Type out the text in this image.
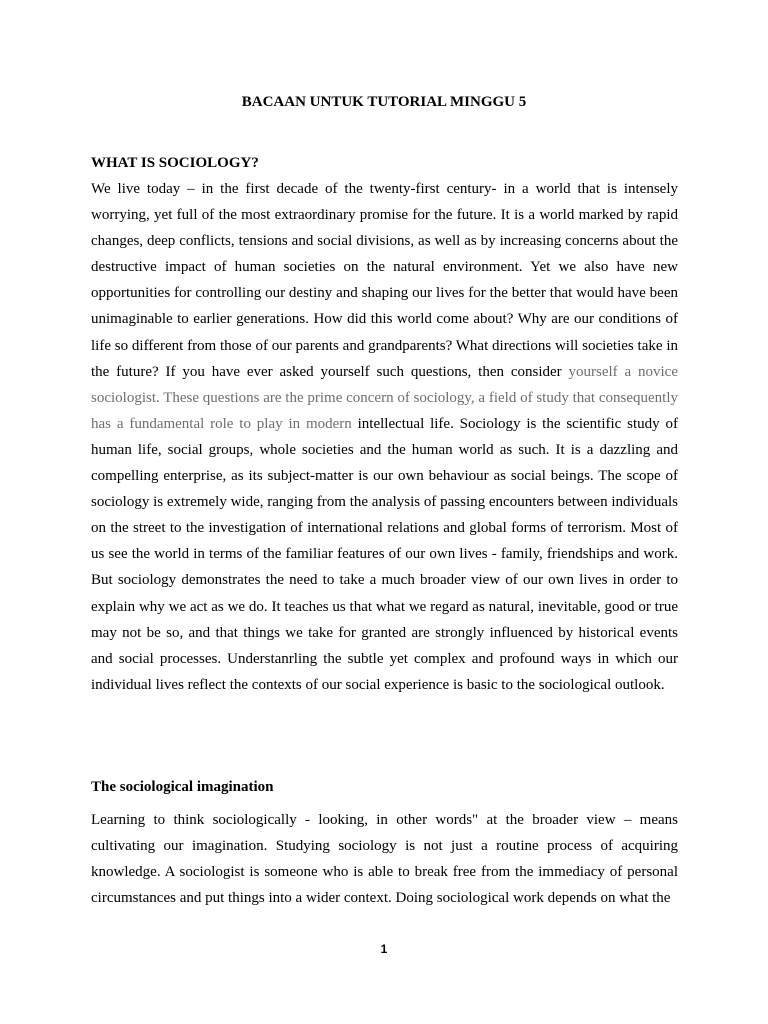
BACAAN UNTUK TUTORIAL MINGGU 5
WHAT IS SOCIOLOGY?

We live today – in the first decade of the twenty-first century- in a world that is intensely worrying, yet full of the most extraordinary promise for the future. It is a world marked by rapid changes, deep conflicts, tensions and social divisions, as well as by increasing concerns about the destructive impact of human societies on the natural environment. Yet we also have new opportunities for controlling our destiny and shaping our lives for the better that would have been unimaginable to earlier generations. How did this world come about? Why are our conditions of life so different from those of our parents and grandparents? What directions will societies take in the future? If you have ever asked yourself such questions, then consider yourself a novice sociologist. These questions are the prime concern of sociology, a field of study that consequently has a fundamental role to play in modern intellectual life. Sociology is the scientific study of human life, social groups, whole societies and the human world as such. It is a dazzling and compelling enterprise, as its subject-matter is our own behaviour as social beings. The scope of sociology is extremely wide, ranging from the analysis of passing encounters between individuals on the street to the investigation of international relations and global forms of terrorism. Most of us see the world in terms of the familiar features of our own lives - family, friendships and work. But sociology demonstrates the need to take a much broader view of our own lives in order to explain why we act as we do. It teaches us that what we regard as natural, inevitable, good or true may not be so, and that things we take for granted are strongly influenced by historical events and social processes. Understanrling the subtle yet complex and profound ways in which our individual lives reflect the contexts of our social experience is basic to the sociological outlook.

The sociological imagination

Learning to think sociologically - looking, in other words" at the broader view – means cultivating our imagination. Studying sociology is not just a routine process of acquiring knowledge. A sociologist is someone who is able to break free from the immediacy of personal circumstances and put things into a wider context. Doing sociological work depends on what the

1
